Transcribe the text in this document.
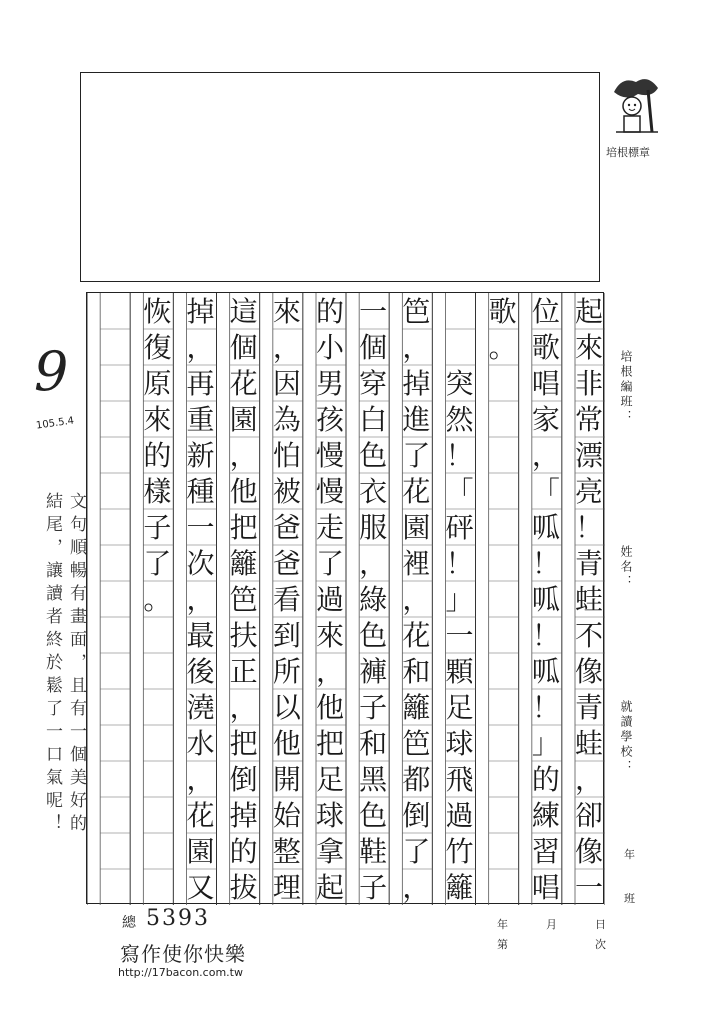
培根標章
培根編班：
姓名：
就讀學校：
年
班
年	月	日
第	次
總 5393
寫作使你快樂
http://17bacon.com.tw
9
105.5.4
文句順暢有畫面，且有一個美好的
結尾，讓讀者終於鬆了一口氣呢！
起
來
非
常
漂
亮
！
青
蛙
不
像
青
蛙
，
卻
像
一
位
歌
唱
家
，
「
呱
！
呱
！
呱
！
」
的
練
習
唱
歌
。
突
然
！
「
砰
！
」
一
顆
足
球
飛
過
竹
籬
笆
，
掉
進
了
花
園
裡
，
花
和
籬
笆
都
倒
了
，
一
個
穿
白
色
衣
服
，
綠
色
褲
子
和
黑
色
鞋
子
的
小
男
孩
慢
慢
走
了
過
來
，
他
把
足
球
拿
起
來
，
因
為
怕
被
爸
爸
看
到
所
以
他
開
始
整
理
這
個
花
園
，
他
把
籬
笆
扶
正
，
把
倒
掉
的
拔
掉
，
再
重
新
種
一
次
，
最
後
澆
水
，
花
園
又
恢
復
原
來
的
樣
子
了
。
